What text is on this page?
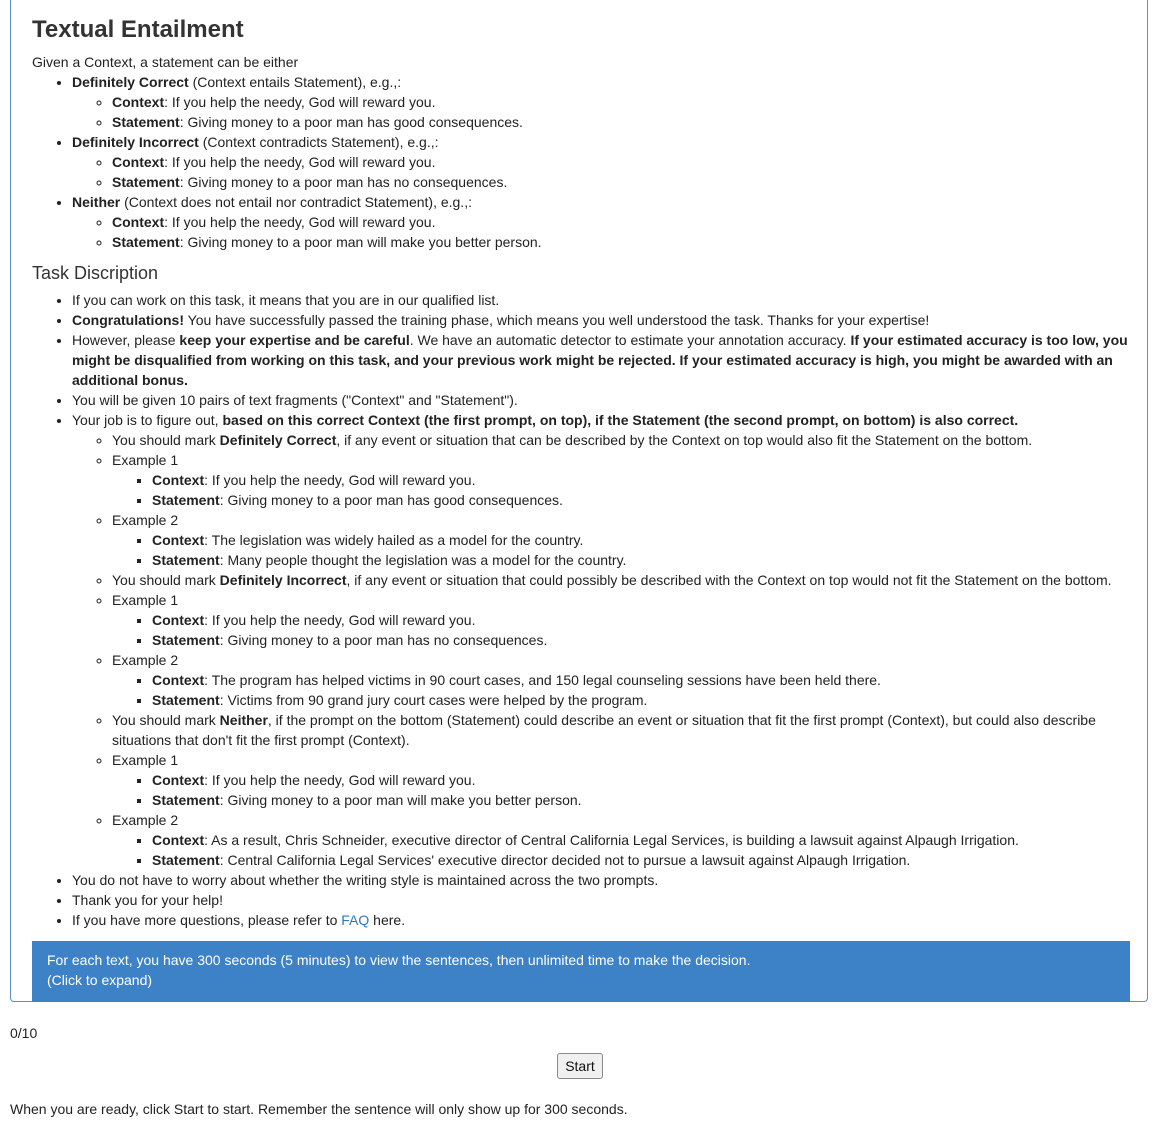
Textual Entailment

Given a Context, a statement can be either

• Definitely Correct (Context entails Statement), e.g.,:
◦ Context: If you help the needy, God will reward you.
◦ Statement: Giving money to a poor man has good consequences.
• Definitely Incorrect (Context contradicts Statement), e.g.,:
◦ Context: If you help the needy, God will reward you.
◦ Statement: Giving money to a poor man has no consequences.
• Neither (Context does not entail nor contradict Statement), e.g.,:
◦ Context: If you help the needy, God will reward you.
◦ Statement: Giving money to a poor man will make you better person.
Task Discription
• If you can work on this task, it means that you are in our qualified list.
• Congratulations! You have successfully passed the training phase, which means you well understood the task. Thanks for your expertise!
• However, please keep your expertise and be careful. We have an automatic detector to estimate your annotation accuracy. If your estimated accuracy is too low, you might be disqualified from working on this task, and your previous work might be rejected. If your estimated accuracy is high, you might be awarded with an additional bonus.
• You will be given 10 pairs of text fragments ("Context" and "Statement").
• Your job is to figure out, based on this correct Context (the first prompt, on top), if the Statement (the second prompt, on bottom) is also correct.
◦ You should mark Definitely Correct, if any event or situation that can be described by the Context on top would also fit the Statement on the bottom.
◦ Example 1
▪ Context: If you help the needy, God will reward you.
▪ Statement: Giving money to a poor man has good consequences.
◦ Example 2
▪ Context: The legislation was widely hailed as a model for the country.
▪ Statement: Many people thought the legislation was a model for the country.
◦ You should mark Definitely Incorrect, if any event or situation that could possibly be described with the Context on top would not fit the Statement on the bottom.
◦ Example 1
▪ Context: If you help the needy, God will reward you.
▪ Statement: Giving money to a poor man has no consequences.
◦ Example 2
▪ Context: The program has helped victims in 90 court cases, and 150 legal counseling sessions have been held there.
▪ Statement: Victims from 90 grand jury court cases were helped by the program.
◦ You should mark Neither, if the prompt on the bottom (Statement) could describe an event or situation that fit the first prompt (Context), but could also describe situations that don't fit the first prompt (Context).
◦ Example 1
▪ Context: If you help the needy, God will reward you.
▪ Statement: Giving money to a poor man will make you better person.
◦ Example 2
▪ Context: As a result, Chris Schneider, executive director of Central California Legal Services, is building a lawsuit against Alpaugh Irrigation.
▪ Statement: Central California Legal Services' executive director decided not to pursue a lawsuit against Alpaugh Irrigation.
• You do not have to worry about whether the writing style is maintained across the two prompts.
• Thank you for your help!
• If you have more questions, please refer to FAQ here.
For each text, you have 300 seconds (5 minutes) to view the sentences, then unlimited time to make the decision.
(Click to expand)
0/10
Start
When you are ready, click Start to start. Remember the sentence will only show up for 300 seconds.
